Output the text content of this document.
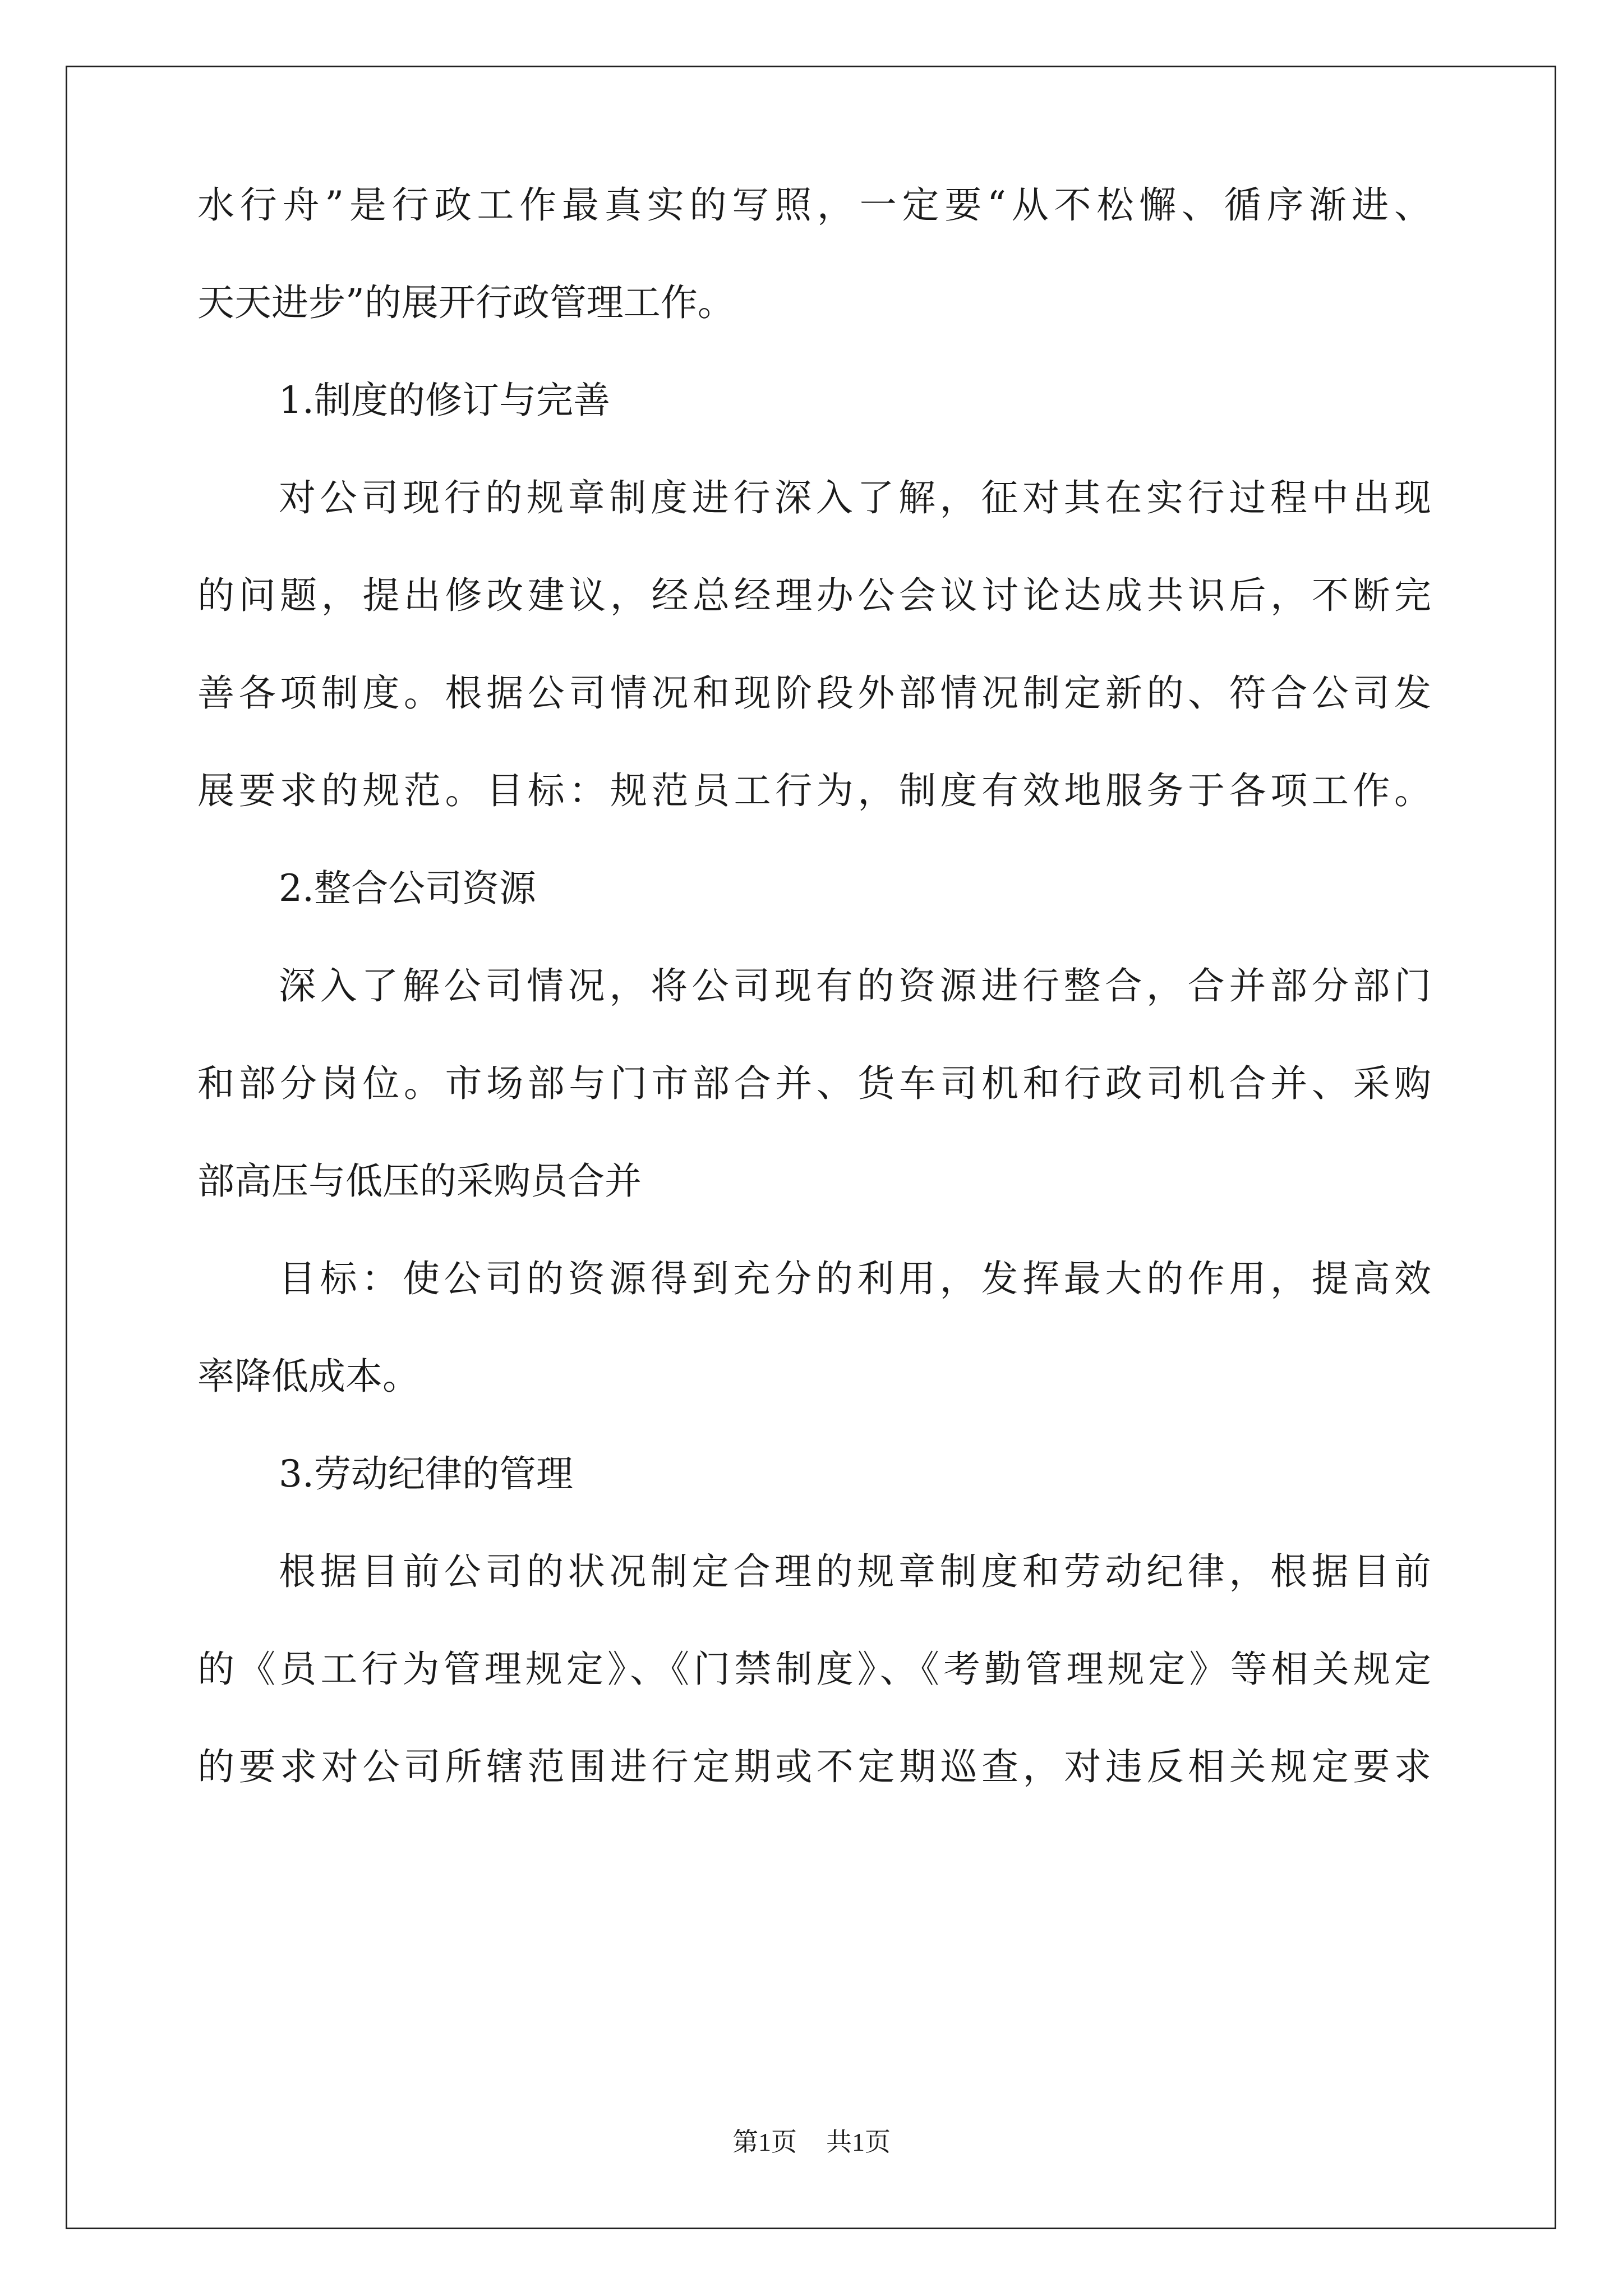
水行舟”是行政工作最真实的写照，一定要“从不松懈、循序渐进、
天天进步”的展开行政管理工作。
1.制度的修订与完善
对公司现行的规章制度进行深入了解，征对其在实行过程中出现
的问题，提出修改建议，经总经理办公会议讨论达成共识后，不断完
善各项制度。根据公司情况和现阶段外部情况制定新的、符合公司发
展要求的规范。目标：规范员工行为，制度有效地服务于各项工作。
2.整合公司资源
深入了解公司情况，将公司现有的资源进行整合，合并部分部门
和部分岗位。市场部与门市部合并、货车司机和行政司机合并、采购
部高压与低压的采购员合并
目标：使公司的资源得到充分的利用，发挥最大的作用，提高效
率降低成本。
3.劳动纪律的管理
根据目前公司的状况制定合理的规章制度和劳动纪律，根据目前
的《员工行为管理规定》、《门禁制度》、《考勤管理规定》等相关规定
的要求对公司所辖范围进行定期或不定期巡查，对违反相关规定要求
第1页 共1页
